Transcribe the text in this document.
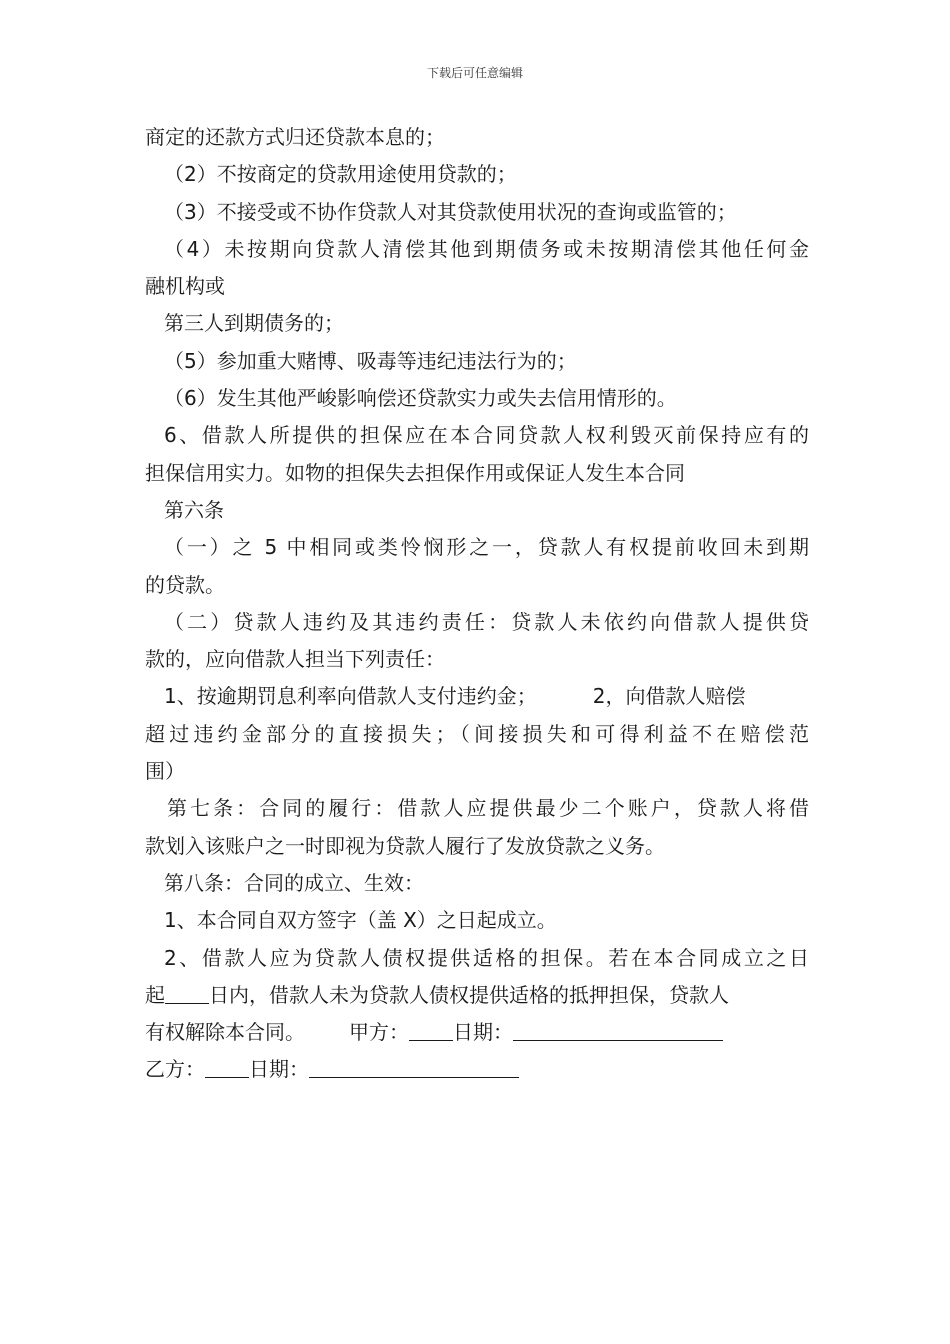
下载后可任意编辑
商定的还款方式归还贷款本息的；
（2）不按商定的贷款用途使用贷款的；
（3）不接受或不协作贷款人对其贷款使用状况的查询或监管的；
（4）未按期向贷款人清偿其他到期债务或未按期清偿其他任何金
融机构或
第三人到期债务的；
（5）参加重大赌博、吸毒等违纪违法行为的；
（6）发生其他严峻影响偿还贷款实力或失去信用情形的。
6、借款人所提供的担保应在本合同贷款人权利毁灭前保持应有的
担保信用实力。如物的担保失去担保作用或保证人发生本合同
第六条
（一）之 5 中相同或类怜悯形之一，贷款人有权提前收回未到期
的贷款。
（二）贷款人违约及其违约责任：贷款人未依约向借款人提供贷
款的，应向借款人担当下列责任：
1、按逾期罚息利率向借款人支付违约金；	2，向借款人赔偿
超过违约金部分的直接损失；（间接损失和可得利益不在赔偿范
围）
第七条：合同的履行：借款人应提供最少二个账户，贷款人将借
款划入该账户之一时即视为贷款人履行了发放贷款之义务。
第八条：合同的成立、生效：
1、本合同自双方签字（盖 X）之日起成立。
2、借款人应为贷款人债权提供适格的担保。若在本合同成立之日
起 日内，借款人未为贷款人债权提供适格的抵押担保，贷款人
有权解除本合同。 甲方： 日期：
乙方： 日期：
